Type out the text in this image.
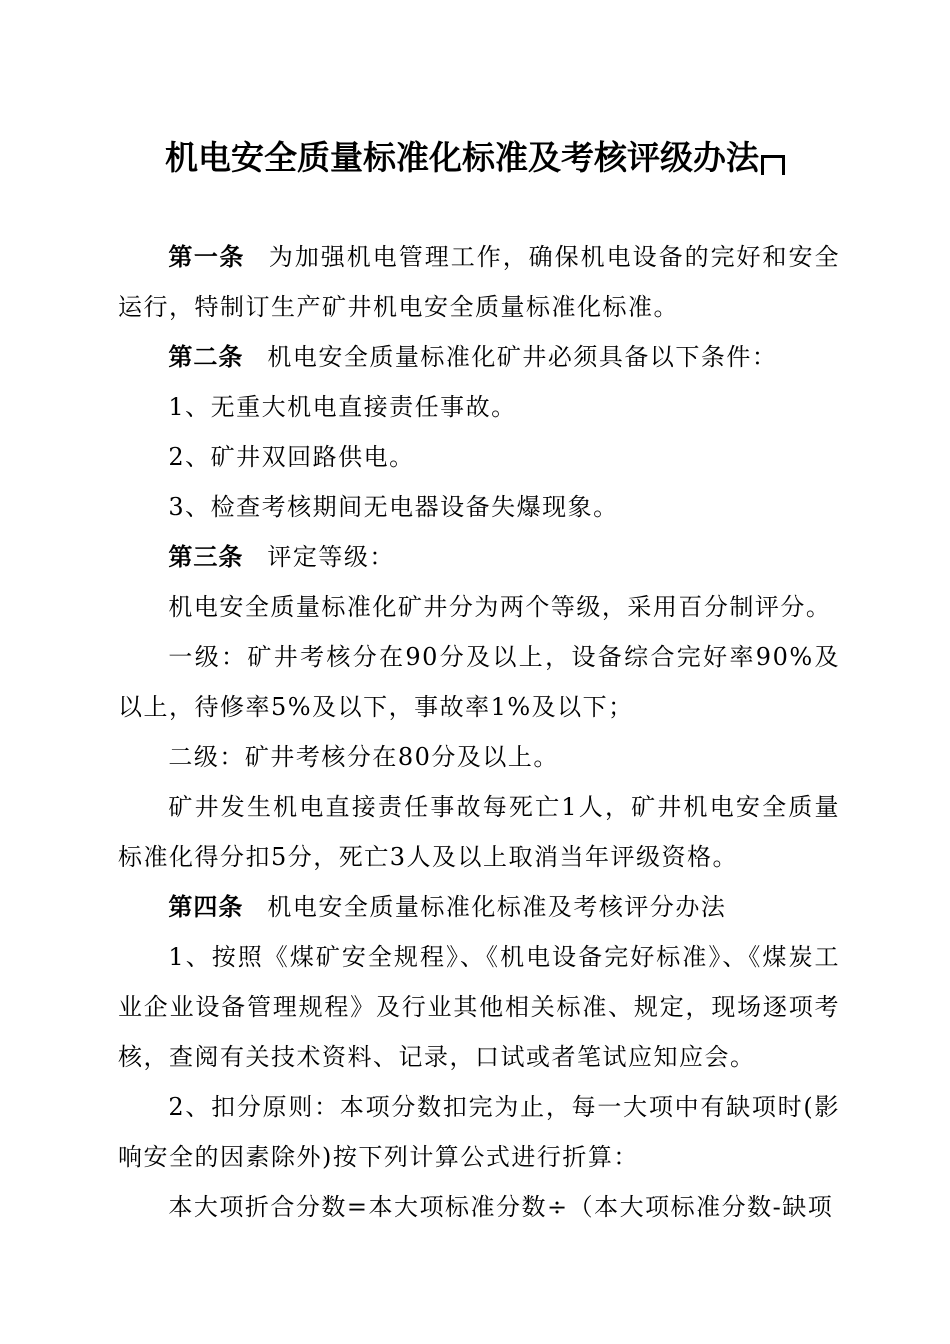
机电安全质量标准化标准及考核评级办法

第一条 为加强机电管理工作，确保机电设备的完好和安全运行，特制订生产矿井机电安全质量标准化标准。

第二条 机电安全质量标准化矿井必须具备以下条件：

1、无重大机电直接责任事故。

2、矿井双回路供电。

3、检查考核期间无电器设备失爆现象。

第三条 评定等级：

机电安全质量标准化矿井分为两个等级，采用百分制评分。

一级：矿井考核分在90分及以上，设备综合完好率90%及以上，待修率5%及以下，事故率1%及以下；

二级：矿井考核分在80分及以上。

矿井发生机电直接责任事故每死亡1人，矿井机电安全质量标准化得分扣5分，死亡3人及以上取消当年评级资格。

第四条 机电安全质量标准化标准及考核评分办法

1、按照《煤矿安全规程》、《机电设备完好标准》、《煤炭工业企业设备管理规程》及行业其他相关标准、规定，现场逐项考核，查阅有关技术资料、记录，口试或者笔试应知应会。

2、扣分原则：本项分数扣完为止，每一大项中有缺项时(影响安全的因素除外)按下列计算公式进行折算：

本大项折合分数=本大项标准分数÷（本大项标准分数-缺项
